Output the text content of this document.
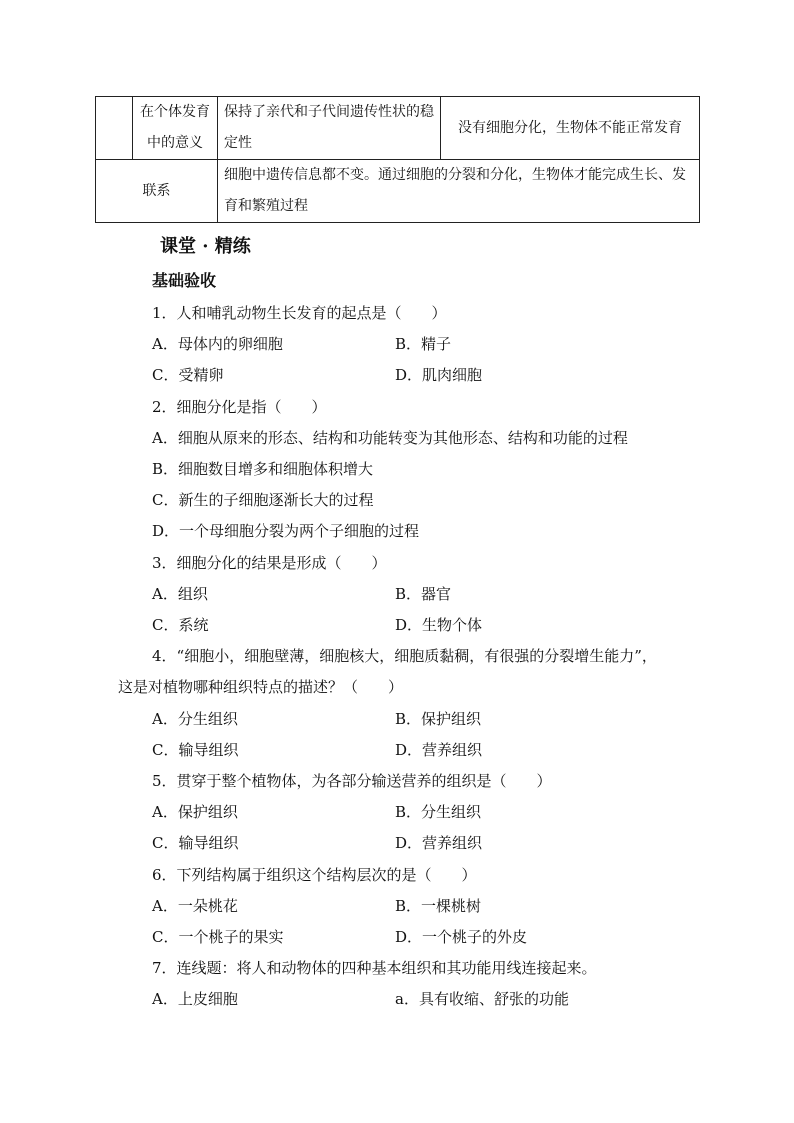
	在个体发育中的意义	保持了亲代和子代间遗传性状的稳定性	没有细胞分化，生物体不能正常发育
联系		细胞中遗传信息都不变。通过细胞的分裂和分化，生物体才能完成生长、发育和繁殖过程	
课堂 · 精练
基础验收
1．人和哺乳动物生长发育的起点是（　　）
A．母体内的卵细胞	B．精子
C．受精卵	D．肌肉细胞
2．细胞分化是指（　　）
A．细胞从原来的形态、结构和功能转变为其他形态、结构和功能的过程
B．细胞数目增多和细胞体积增大
C．新生的子细胞逐渐长大的过程
D．一个母细胞分裂为两个子细胞的过程
3．细胞分化的结果是形成（　　）
A．组织	B．器官
C．系统	D．生物个体
4．“细胞小，细胞壁薄，细胞核大，细胞质黏稠，有很强的分裂增生能力”，
这是对植物哪种组织特点的描述？（　　）
A．分生组织	B．保护组织
C．输导组织	D．营养组织
5．贯穿于整个植物体，为各部分输送营养的组织是（　　）
A．保护组织	B．分生组织
C．输导组织	D．营养组织
6．下列结构属于组织这个结构层次的是（　　）
A．一朵桃花	B．一棵桃树
C．一个桃子的果实	D．一个桃子的外皮
7．连线题：将人和动物体的四种基本组织和其功能用线连接起来。
A．上皮细胞	a．具有收缩、舒张的功能
